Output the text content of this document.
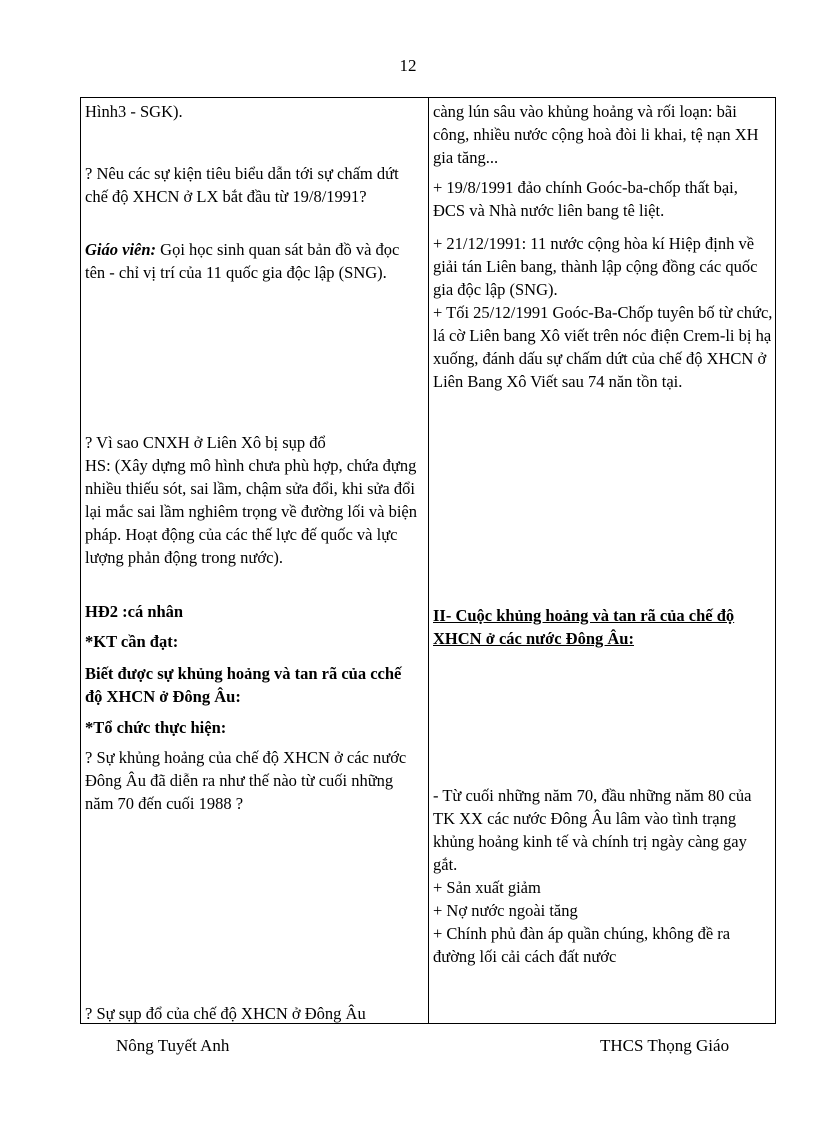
12

Hình3 - SGK).

? Nêu các sự kiện tiêu biểu dẫn tới sự chấm dứt chế độ XHCN ở LX bắt đầu từ 19/8/1991?

Giáo viên: Gọi học sinh quan sát bản đồ và đọc tên - chỉ vị trí của 11 quốc gia độc lập (SNG).

? Vì sao CNXH ở Liên Xô bị sụp đổ

HS: (Xây dựng mô hình chưa phù hợp, chứa đựng nhiều thiếu sót, sai lầm, chậm sửa đổi, khi sửa đổi lại mắc sai lầm nghiêm trọng về đường lối và biện pháp. Hoạt động của các thế lực đế quốc và lực lượng phản động trong nước).

HĐ2 :cá nhân

*KT cần đạt:

Biết được sự khủng hoảng và tan rã của cchế độ XHCN ở Đông Âu:

*Tổ chức thực hiện:

? Sự khủng hoảng của chế độ XHCN ở các nước Đông Âu đã diễn ra như thế nào từ cuối những năm 70 đến cuối 1988 ?

? Sự sụp đổ của chế độ XHCN ở Đông Âu

càng lún sâu vào khủng hoảng và rối loạn: bãi công, nhiều nước cộng hoà đòi li khai, tệ nạn XH gia tăng...

+ 19/8/1991 đảo chính Goóc-ba-chốp thất bại, ĐCS và Nhà nước liên bang tê liệt.

+ 21/12/1991: 11 nước cộng hòa kí Hiệp định về giải tán Liên bang, thành lập cộng đồng các quốc gia độc lập (SNG).

+ Tối 25/12/1991 Goóc-Ba-Chốp tuyên bố từ chức, lá cờ Liên bang Xô viết trên nóc điện Crem-li bị hạ xuống, đánh dấu sự chấm dứt của chế độ XHCN ở Liên Bang Xô Viết sau 74 năn tồn tại.

II- Cuộc khủng hoảng và tan rã của chế độ XHCN ở các nước Đông Âu:

- Từ cuối những năm 70, đầu những năm 80 của TK XX các nước Đông Âu lâm vào tình trạng khủng hoảng kinh tế và chính trị ngày càng gay gắt.

+ Sản xuất giảm

+ Nợ nước ngoài tăng

+ Chính phủ đàn áp quần chúng, không đề ra đường lối cải cách đất nước

Nông Tuyết Anh	THCS Thọng Giáo
